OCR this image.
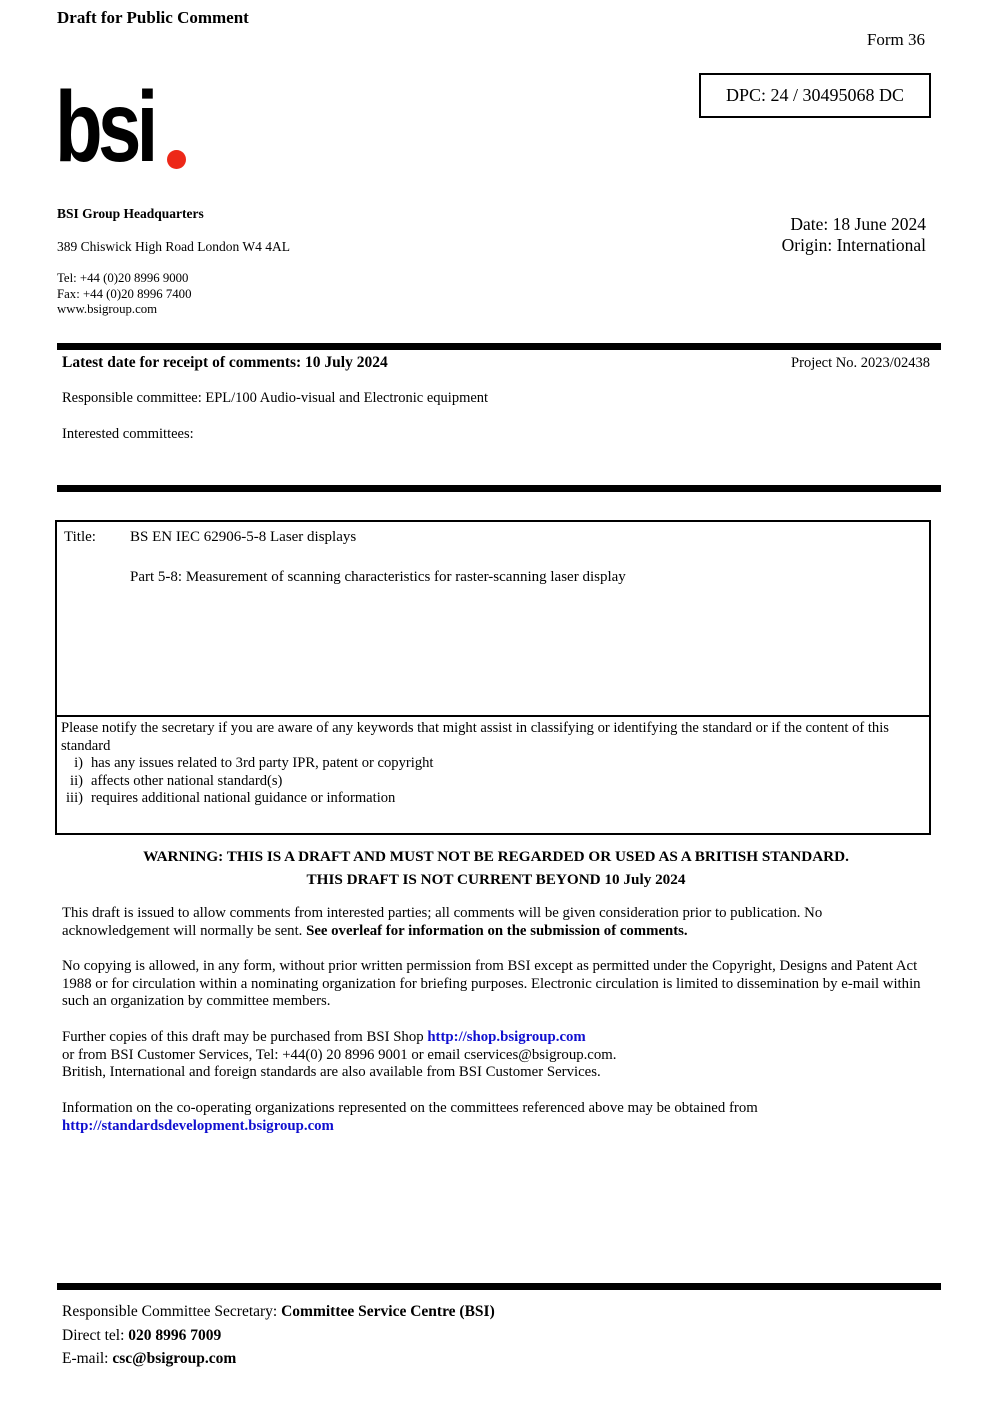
Draft for Public Comment
Form 36
DPC: 24 / 30495068 DC
bsi
BSI Group Headquarters
389 Chiswick High Road London W4 4AL
Tel: +44 (0)20 8996 9000
Fax: +44 (0)20 8996 7400
www.bsigroup.com
Date: 18 June 2024
Origin: International
Latest date for receipt of comments: 10 July 2024	Project No. 2023/02438
Responsible committee: EPL/100 Audio-visual and Electronic equipment
Interested committees:
Title: BS EN IEC 62906-5-8 Laser displays
Part 5-8: Measurement of scanning characteristics for raster-scanning laser display
Please notify the secretary if you are aware of any keywords that might assist in classifying or identifying the standard or if the content of this standard
i) has any issues related to 3rd party IPR, patent or copyright
ii) affects other national standard(s)
iii) requires additional national guidance or information
WARNING: THIS IS A DRAFT AND MUST NOT BE REGARDED OR USED AS A BRITISH STANDARD.
THIS DRAFT IS NOT CURRENT BEYOND 10 July 2024
This draft is issued to allow comments from interested parties; all comments will be given consideration prior to publication. No acknowledgement will normally be sent. See overleaf for information on the submission of comments.
No copying is allowed, in any form, without prior written permission from BSI except as permitted under the Copyright, Designs and Patent Act 1988 or for circulation within a nominating organization for briefing purposes. Electronic circulation is limited to dissemination by e-mail within such an organization by committee members.
Further copies of this draft may be purchased from BSI Shop http://shop.bsigroup.com
or from BSI Customer Services, Tel: +44(0) 20 8996 9001 or email cservices@bsigroup.com.
British, International and foreign standards are also available from BSI Customer Services.
Information on the co-operating organizations represented on the committees referenced above may be obtained from
http://standardsdevelopment.bsigroup.com
Responsible Committee Secretary: Committee Service Centre (BSI)
Direct tel: 020 8996 7009
E-mail: csc@bsigroup.com
